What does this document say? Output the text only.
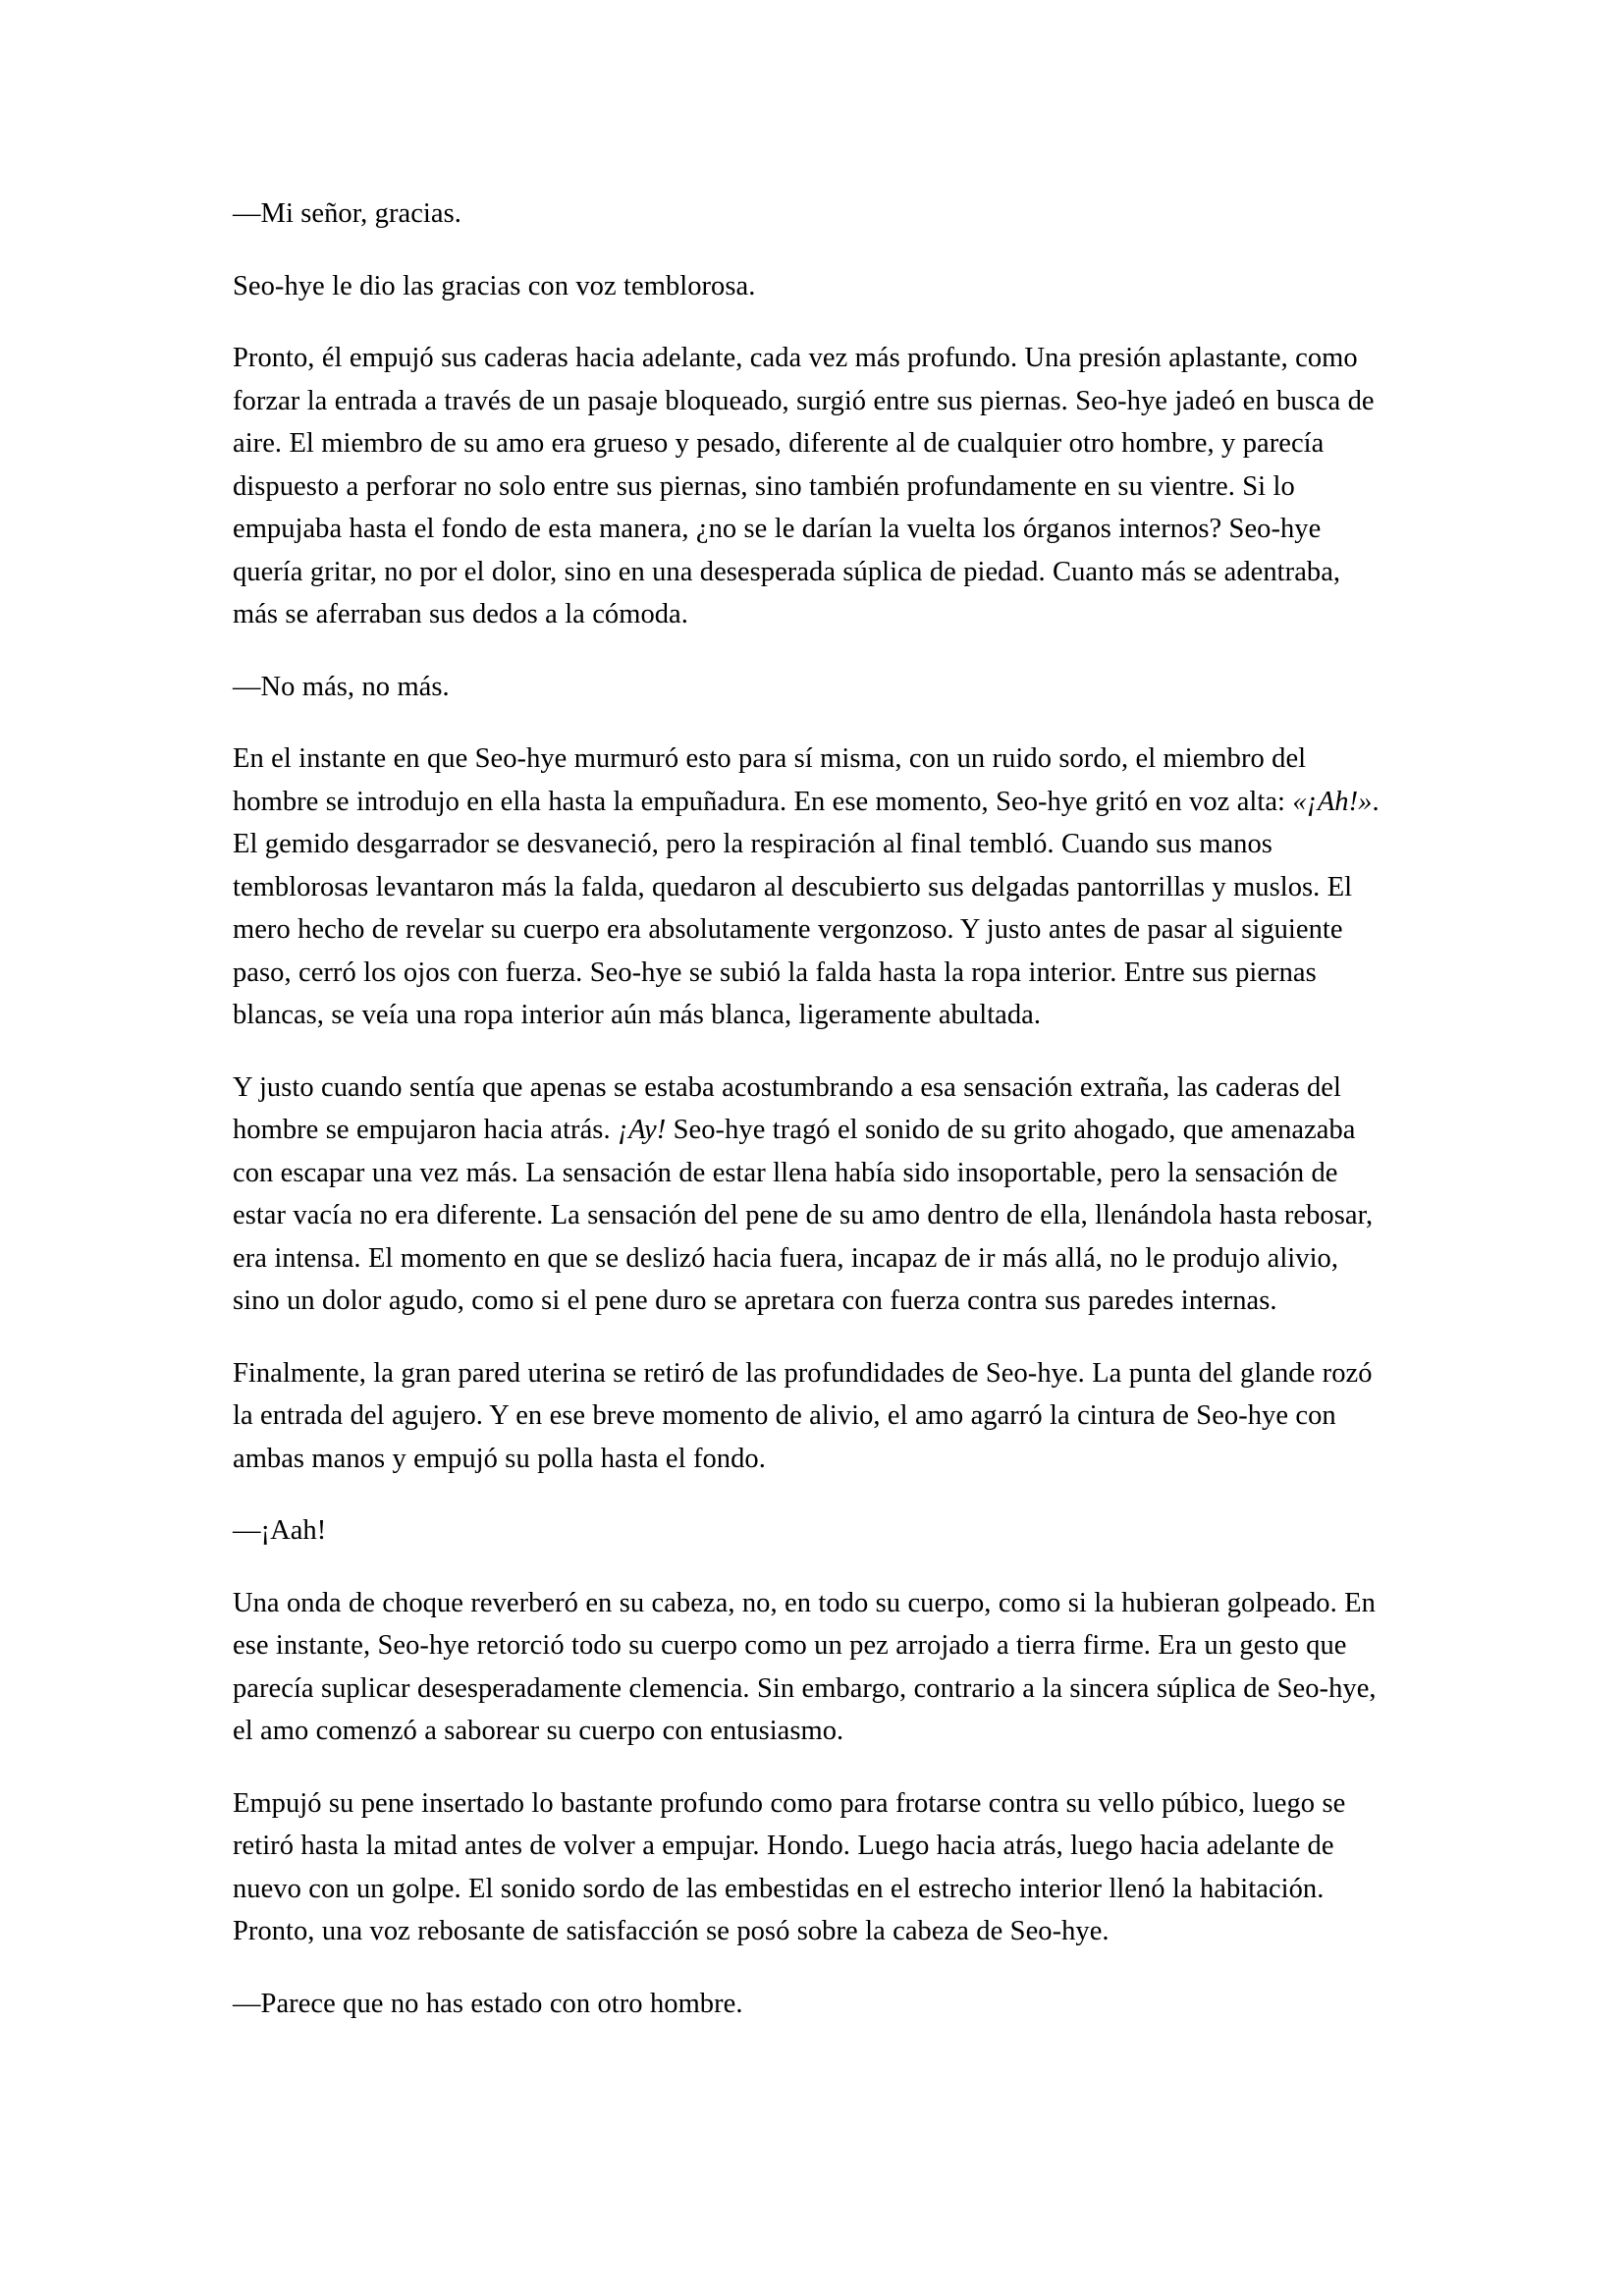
—Mi señor, gracias.

Seo-hye le dio las gracias con voz temblorosa.

Pronto, él empujó sus caderas hacia adelante, cada vez más profundo. Una presión aplastante, como forzar la entrada a través de un pasaje bloqueado, surgió entre sus piernas. Seo-hye jadeó en busca de aire. El miembro de su amo era grueso y pesado, diferente al de cualquier otro hombre, y parecía dispuesto a perforar no solo entre sus piernas, sino también profundamente en su vientre. Si lo empujaba hasta el fondo de esta manera, ¿no se le darían la vuelta los órganos internos? Seo-hye quería gritar, no por el dolor, sino en una desesperada súplica de piedad. Cuanto más se adentraba, más se aferraban sus dedos a la cómoda.

—No más, no más.

En el instante en que Seo-hye murmuró esto para sí misma, con un ruido sordo, el miembro del hombre se introdujo en ella hasta la empuñadura. En ese momento, Seo-hye gritó en voz alta: «¡Ah!». El gemido desgarrador se desvaneció, pero la respiración al final tembló. Cuando sus manos temblorosas levantaron más la falda, quedaron al descubierto sus delgadas pantorrillas y muslos. El mero hecho de revelar su cuerpo era absolutamente vergonzoso. Y justo antes de pasar al siguiente paso, cerró los ojos con fuerza. Seo-hye se subió la falda hasta la ropa interior. Entre sus piernas blancas, se veía una ropa interior aún más blanca, ligeramente abultada.

Y justo cuando sentía que apenas se estaba acostumbrando a esa sensación extraña, las caderas del hombre se empujaron hacia atrás. ¡Ay! Seo-hye tragó el sonido de su grito ahogado, que amenazaba con escapar una vez más. La sensación de estar llena había sido insoportable, pero la sensación de estar vacía no era diferente. La sensación del pene de su amo dentro de ella, llenándola hasta rebosar, era intensa. El momento en que se deslizó hacia fuera, incapaz de ir más allá, no le produjo alivio, sino un dolor agudo, como si el pene duro se apretara con fuerza contra sus paredes internas.

Finalmente, la gran pared uterina se retiró de las profundidades de Seo-hye. La punta del glande rozó la entrada del agujero. Y en ese breve momento de alivio, el amo agarró la cintura de Seo-hye con ambas manos y empujó su polla hasta el fondo.

—¡Aah!

Una onda de choque reverberó en su cabeza, no, en todo su cuerpo, como si la hubieran golpeado. En ese instante, Seo-hye retorció todo su cuerpo como un pez arrojado a tierra firme. Era un gesto que parecía suplicar desesperadamente clemencia. Sin embargo, contrario a la sincera súplica de Seo-hye, el amo comenzó a saborear su cuerpo con entusiasmo.

Empujó su pene insertado lo bastante profundo como para frotarse contra su vello púbico, luego se retiró hasta la mitad antes de volver a empujar. Hondo. Luego hacia atrás, luego hacia adelante de nuevo con un golpe. El sonido sordo de las embestidas en el estrecho interior llenó la habitación. Pronto, una voz rebosante de satisfacción se posó sobre la cabeza de Seo-hye.

—Parece que no has estado con otro hombre.
